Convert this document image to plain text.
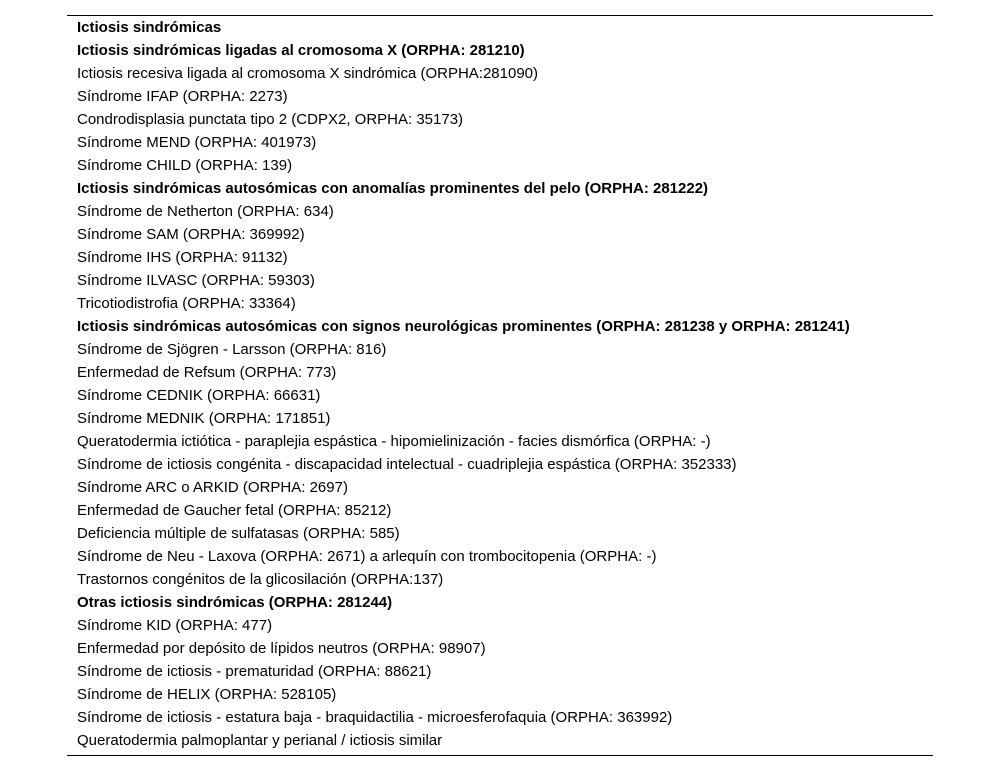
Ictiosis sindrómicas
Ictiosis sindrómicas ligadas al cromosoma X (ORPHA: 281210)
Ictiosis recesiva ligada al cromosoma X sindrómica (ORPHA:281090)
Síndrome IFAP (ORPHA: 2273)
Condrodisplasia punctata tipo 2 (CDPX2, ORPHA: 35173)
Síndrome MEND (ORPHA: 401973)
Síndrome CHILD (ORPHA: 139)
Ictiosis sindrómicas autosómicas con anomalías prominentes del pelo (ORPHA: 281222)
Síndrome de Netherton (ORPHA: 634)
Síndrome SAM (ORPHA: 369992)
Síndrome IHS (ORPHA: 91132)
Síndrome ILVASC (ORPHA: 59303)
Tricotiodistrofia (ORPHA: 33364)
Ictiosis sindrómicas autosómicas con signos neurológicas prominentes (ORPHA: 281238 y ORPHA: 281241)
Síndrome de Sjögren - Larsson (ORPHA: 816)
Enfermedad de Refsum (ORPHA: 773)
Síndrome CEDNIK (ORPHA: 66631)
Síndrome MEDNIK (ORPHA: 171851)
Queratodermia ictiótica - paraplejia espástica - hipomielinización - facies dismórfica (ORPHA: -)
Síndrome de ictiosis congénita - discapacidad intelectual - cuadriplejia espástica (ORPHA: 352333)
Síndrome ARC o ARKID (ORPHA: 2697)
Enfermedad de Gaucher fetal (ORPHA: 85212)
Deficiencia múltiple de sulfatasas (ORPHA: 585)
Síndrome de Neu - Laxova (ORPHA: 2671) a arlequín con trombocitopenia (ORPHA: -)
Trastornos congénitos de la glicosilación (ORPHA:137)
Otras ictiosis sindrómicas (ORPHA: 281244)
Síndrome KID (ORPHA: 477)
Enfermedad por depósito de lípidos neutros (ORPHA: 98907)
Síndrome de ictiosis - prematuridad (ORPHA: 88621)
Síndrome de HELIX (ORPHA: 528105)
Síndrome de ictiosis - estatura baja - braquidactilia - microesferofaquia (ORPHA: 363992)
Queratodermia palmoplantar y perianal / ictiosis similar
